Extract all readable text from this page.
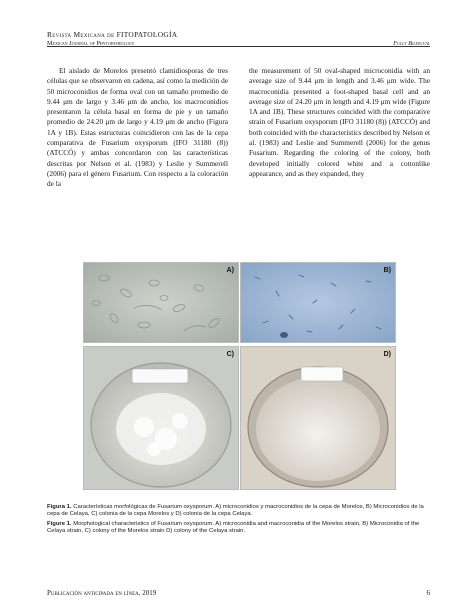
Revista Mexicana de FITOPATOLOGÍA
Mexican Journal of Phytopathology	Fully Bilingual

El aislado de Morelos presentó clamidiosporas de tres células que se observaron en cadena, así como la medición de 50 microconidios de forma oval con un tamaño promedio de 9.44 μm de largo y 3.46 μm de ancho, los macroconidios presentaron la célula basal en forma de pie y un tamaño promedio de 24.20 μm de largo y 4.19 μm de ancho (Figura 1A y 1B). Estas estructuras coincidieron con las de la cepa comparativa de Fusarium oxysporum (IFO 31180 (8)) (ATCCÓ) y ambas concordaron con las características descritas por Nelson et al. (1983) y Leslie y Summerell (2006) para el género Fusarium. Con respecto a la coloración de la

the measurement of 50 oval-shaped microconidia with an average size of 9.44 μm in length and 3.46 μm wide. The macroconidia presented a foot-shaped basal cell and an average size of 24.20 μm in length and 4.19 μm wide (Figure 1A and 1B). These structures coincided with the comparative strain of Fusarium oxysporum (IFO 31180 (8)) (ATCCÓ) and both coincided with the characteristics described by Nelson et al. (1983) and Leslie and Summerell (2006) for the genus Fusarium. Regarding the coloring of the colony, both developed initially colored white and a cottonlike appearance, and as they expanded, they

A)	B)
C)	D)
Figura 1. Características morfológicas de Fusarium oxysporum. A) microconidios y macroconidios de la cepa de Morelos, B) Microconidios de la cepa de Celaya, C) colonia de la cepa Morelos y D) colonia de la cepa Celaya.
Figure 1. Morphological characteristics of Fusarium oxysporum. A) microconidia and macroconidia of the Morelos strain, B) Microconidia of the Celaya strain, C) colony of the Morelos strain D) colony of the Celaya strain.
Publicación anticipada en línea, 2019	6
